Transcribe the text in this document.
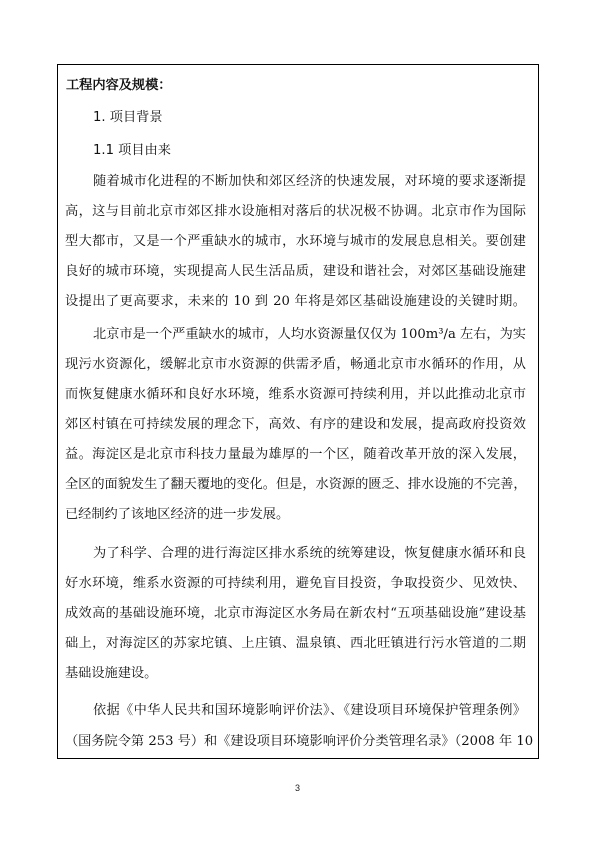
工程内容及规模：
1. 项目背景
1.1 项目由来
随着城市化进程的不断加快和郊区经济的快速发展，对环境的要求逐渐提
高，这与目前北京市郊区排水设施相对落后的状况极不协调。北京市作为国际
型大都市，又是一个严重缺水的城市，水环境与城市的发展息息相关。要创建
良好的城市环境，实现提高人民生活品质，建设和谐社会，对郊区基础设施建
设提出了更高要求，未来的 10 到 20 年将是郊区基础设施建设的关键时期。
北京市是一个严重缺水的城市，人均水资源量仅仅为 100m³/a 左右，为实
现污水资源化，缓解北京市水资源的供需矛盾，畅通北京市水循环的作用，从
而恢复健康水循环和良好水环境，维系水资源可持续利用，并以此推动北京市
郊区村镇在可持续发展的理念下，高效、有序的建设和发展，提高政府投资效
益。海淀区是北京市科技力量最为雄厚的一个区，随着改革开放的深入发展，
全区的面貌发生了翻天覆地的变化。但是，水资源的匮乏、排水设施的不完善，
已经制约了该地区经济的进一步发展。
为了科学、合理的进行海淀区排水系统的统筹建设，恢复健康水循环和良
好水环境，维系水资源的可持续利用，避免盲目投资，争取投资少、见效快、
成效高的基础设施环境，北京市海淀区水务局在新农村“五项基础设施”建设基
础上，对海淀区的苏家坨镇、上庄镇、温泉镇、西北旺镇进行污水管道的二期
基础设施建设。
依据《中华人民共和国环境影响评价法》、《建设项目环境保护管理条例》
（国务院令第 253 号）和《建设项目环境影响评价分类管理名录》（2008 年 10
3
